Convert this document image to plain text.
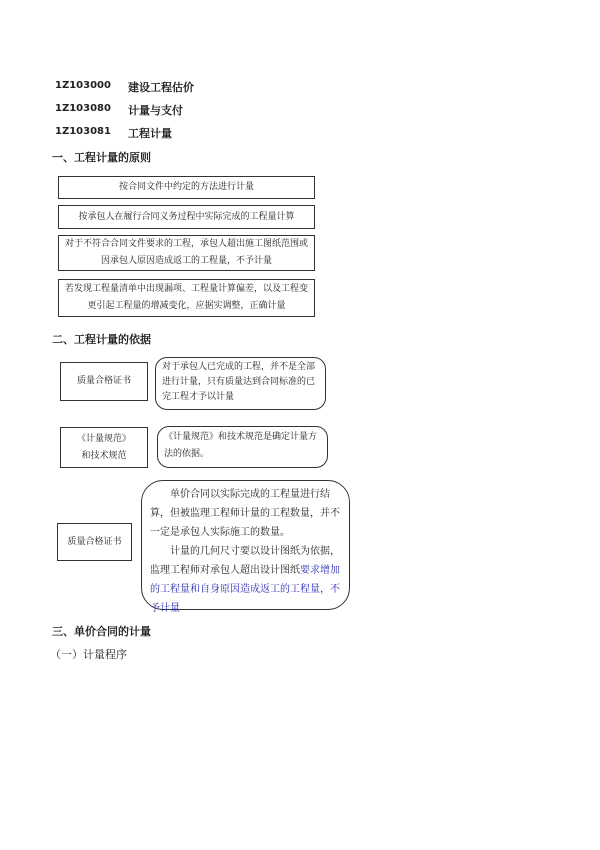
1Z103000 建设工程估价
1Z103080 计量与支付
1Z103081 工程计量
一、工程计量的原则
按合同文件中约定的方法进行计量
按承包人在履行合同义务过程中实际完成的工程量计算
对于不符合合同文件要求的工程，承包人超出施工图纸范围或因承包人原因造成返工的工程量，不予计量
若发现工程量清单中出现漏项、工程量计算偏差，以及工程变更引起工程量的增减变化，应据实调整，正确计量
二、工程计量的依据
质量合格证书
对于承包人已完成的工程，并不是全部进行计量，只有质量达到合同标准的已完工程才予以计量
《计量规范》和技术规范
《计量规范》和技术规范是确定计量方法的依据。
质量合格证书
单价合同以实际完成的工程量进行结算，但被监理工程师计量的工程数量，并不一定是承包人实际施工的数量。
计量的几何尺寸要以设计图纸为依据，监理工程师对承包人超出设计图纸要求增加的工程量和自身原因造成返工的工程量，不予计量
三、单价合同的计量
（一）计量程序
